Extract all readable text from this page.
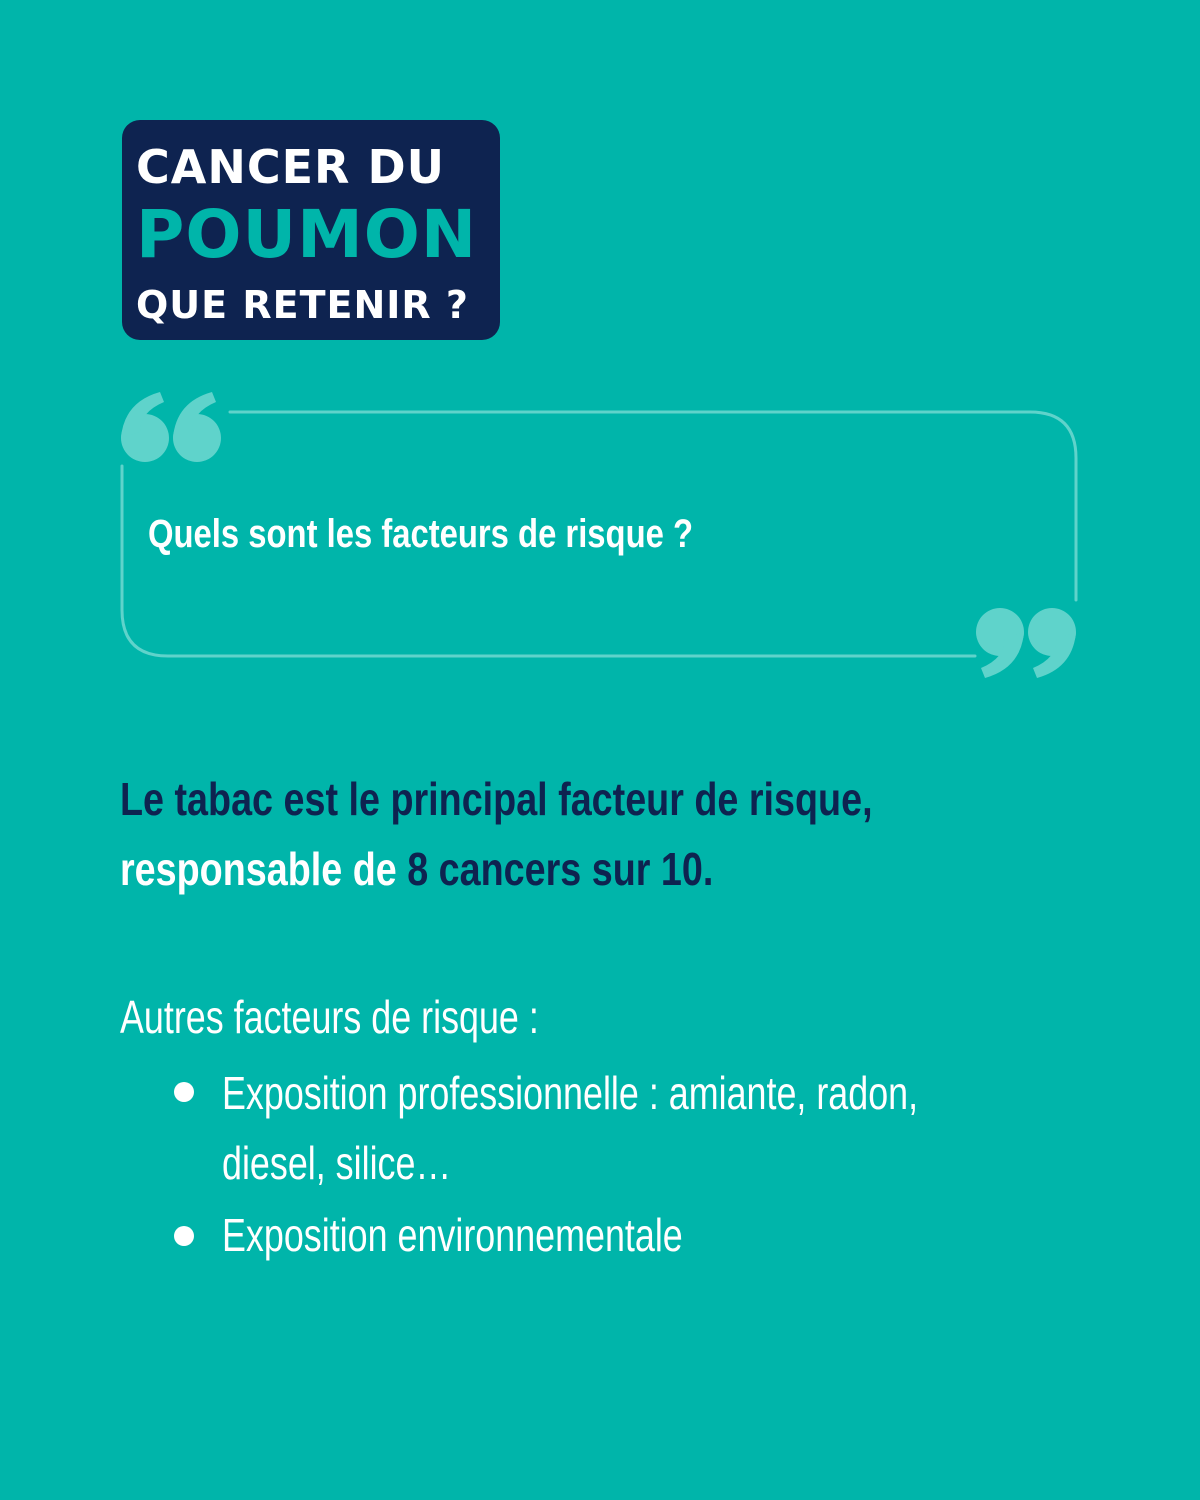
CANCER DU
POUMON
QUE RETENIR ?
Quels sont les facteurs de risque ?
Le tabac est le principal facteur de risque,
responsable de 8 cancers sur 10.
Autres facteurs de risque :
Exposition professionnelle : amiante, radon,
diesel, silice…
Exposition environnementale
